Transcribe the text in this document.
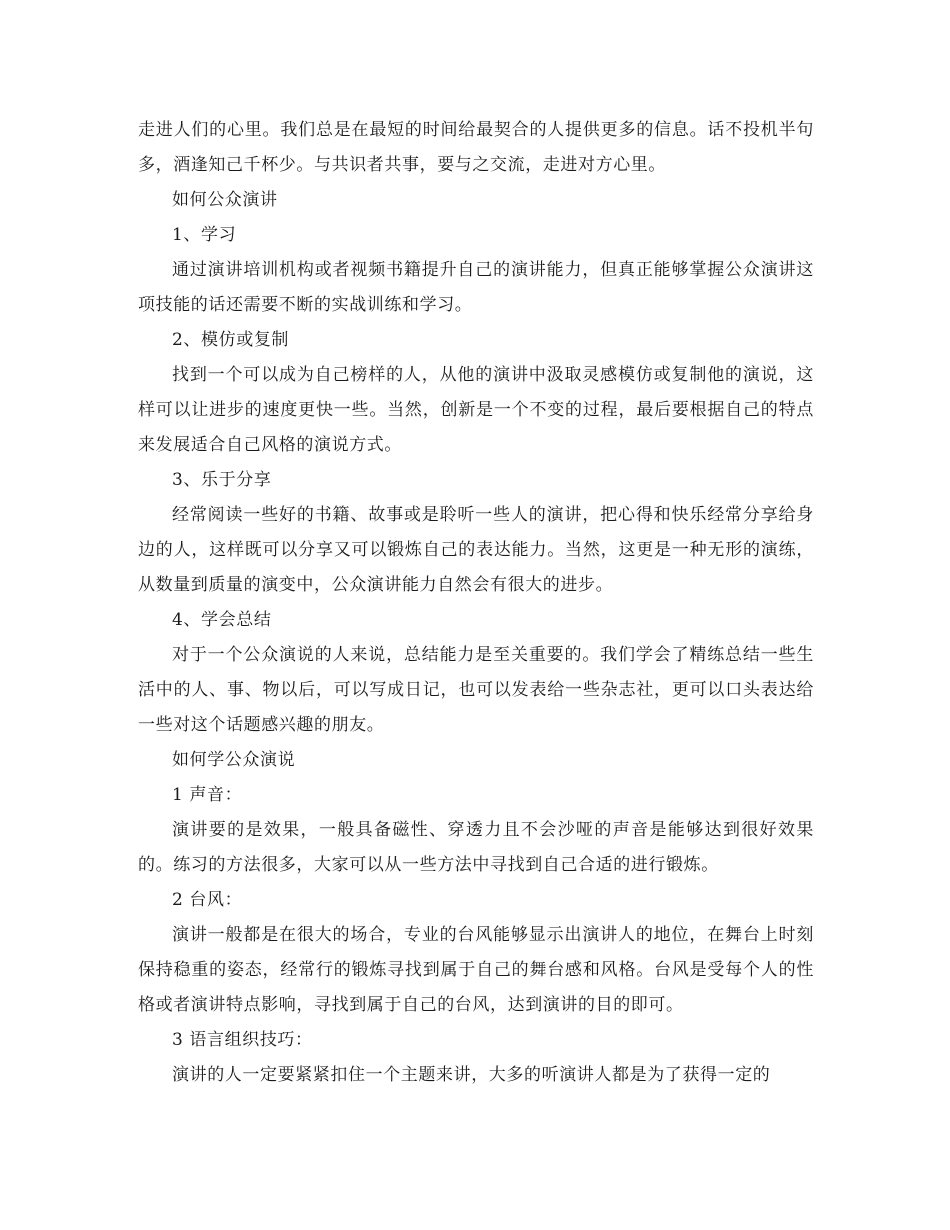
走进人们的心里。我们总是在最短的时间给最契合的人提供更多的信息。话不投机半句多，酒逢知己千杯少。与共识者共事，要与之交流，走进对方心里。

如何公众演讲

1、学习

通过演讲培训机构或者视频书籍提升自己的演讲能力，但真正能够掌握公众演讲这项技能的话还需要不断的实战训练和学习。

2、模仿或复制

找到一个可以成为自己榜样的人，从他的演讲中汲取灵感模仿或复制他的演说，这样可以让进步的速度更快一些。当然，创新是一个不变的过程，最后要根据自己的特点来发展适合自己风格的演说方式。

3、乐于分享

经常阅读一些好的书籍、故事或是聆听一些人的演讲，把心得和快乐经常分享给身边的人，这样既可以分享又可以锻炼自己的表达能力。当然，这更是一种无形的演练，从数量到质量的演变中，公众演讲能力自然会有很大的进步。

4、学会总结

对于一个公众演说的人来说，总结能力是至关重要的。我们学会了精练总结一些生活中的人、事、物以后，可以写成日记，也可以发表给一些杂志社，更可以口头表达给一些对这个话题感兴趣的朋友。

如何学公众演说

1 声音：

演讲要的是效果，一般具备磁性、穿透力且不会沙哑的声音是能够达到很好效果的。练习的方法很多，大家可以从一些方法中寻找到自己合适的进行锻炼。

2 台风：

演讲一般都是在很大的场合，专业的台风能够显示出演讲人的地位，在舞台上时刻保持稳重的姿态，经常行的锻炼寻找到属于自己的舞台感和风格。台风是受每个人的性格或者演讲特点影响，寻找到属于自己的台风，达到演讲的目的即可。

3 语言组织技巧：

演讲的人一定要紧紧扣住一个主题来讲，大多的听演讲人都是为了获得一定的
